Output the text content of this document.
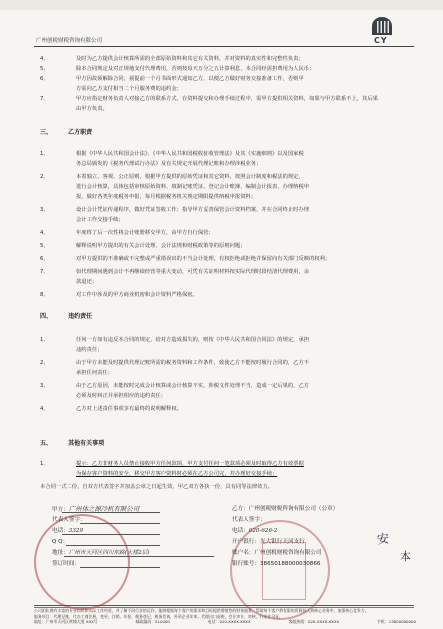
广州创税财税咨询有限公司	CY
4、	及时为乙方提供会计核算所需的全部原始资料和其它有关资料，并对资料的真实性和完整性负责；
5、	除本合同规定及对正规地支付代理费用，否则按每天万分之五计算利息，本合同经需担费用为人民币；
6、	甲方因故须解除合同，须提前一个月书面形式通知乙方，以便乙方做好财务交接准备工作，否则甲
方需向乙方支付相当二个月服务费的违约金；
7、	甲方应指定财务负责人对接乙方的联系方式，在资料提交和办理手续过程中，需甲方提供相关资料，如果与甲方联系不上，其后果
由甲方负责。
三、	乙方职责
1、	根据《中华人民共和国会计法》、《中华人民共和国税收征收管理法》及其《实施细则》以及国家税
务总局颁发的《税务代理试行办法》及有关规定开展代理记账和办理涉税业务；
2、	本着独立、客观、公正原则，根据甲方提供的原始凭证和其它资料，按照会计制度和税法的规定，
进行会计核算，具体包括审核原始资料、填制记账凭证、登记会计账簿、编制会计报表、办理纳税申
报，做好各类年度税务申报，每月根据税务机关规定期限提供纳税申报资料；
3、	设计会计凭证传递程序，做好凭证签收工作；指导甲方妥善保管会计资料档案，并在合同终止时办理
会计工作交接手续；
4、	年度终了后一次性将会计账册移交甲方，由甲方自行保管；
5、	解释说明甲方提出的有关会计处理、会计法规和财税政策等的原则问题；
6、	对甲方提供的不准确或不完整或严重错误出的不当会计处理，有权拒绝或拒绝并保留向有关部门反映的权利；
7、	如代理期间遇到会计不再继续经营等重大变动，可凭有关证明材料按实际代理时段结清代理费用，余
款退还；
8、	对工作中涉及的甲方商业机密和会计资料严格保密。
四、	违约责任
1、	任何一方如有违反本合同的规定，给对方造成损失的，则按《中华人民共和国合同法》的规定，承担
违约责任；
2、	由于甲方未能及时提供代理记账所需的税务资料和工作条件，致使乙方不能按时履行合同的，乙方不
承担任何责任；
3、	由于乙方原因，未能按时完成会计核算或会计核算不实，涉税文件处理不当，造成一定后果的，乙方
必须及时纠正并承担相应的违约责任；
4、	乙方对上述责任事项享有最终的说明解释权。
五、	其他有关事项
1、	提示：乙方非财务人员禁止接收甲方任何款项，甲方支付任何一笔款项必须及时取得乙方有效票据
为保存客户资料的安全，移交甲方客户资料时必须在乙方公司完，并办理好交接手续；
本合同一式二份，自双方代表签字并加盖公章之日起生效，甲乙双方各执一份，具有同等法律效力。
甲方：广州体之源冷机有限公司
代表人签字：
电话：3329
Q Q：
地址：广州市天河区四川东路(大楼2层)
签订时间：
乙方：广州创税财税咨询有限公司（公章）
代表人签字：
电话：020-626-2
开户银行：光大银行天河支行
账户名：广州创税财税咨询有限公司
银行账号：38650188000030866
安
本
公司团队拥有丰富的专业知识和实际工作经验，并了解不同行业的运作，能够根据每个客户的需求和目标提供增值性的财务服务，帮助每个客户将有限的资源投入到核心业务中，加强核心竞争力。
服务项目：代理记账，代办工商注册，变更，注销，年检，税务登记，税务咨询，外资企业年审。代理出口退税，会计审计，审核，行业许可证，
地址：广州市天河区黄埔大道 XXX号	邮政编码：510000	电话：020-XXXX-XXXX	客服热线：020-XXXX-XXXX	手机：13800000000
